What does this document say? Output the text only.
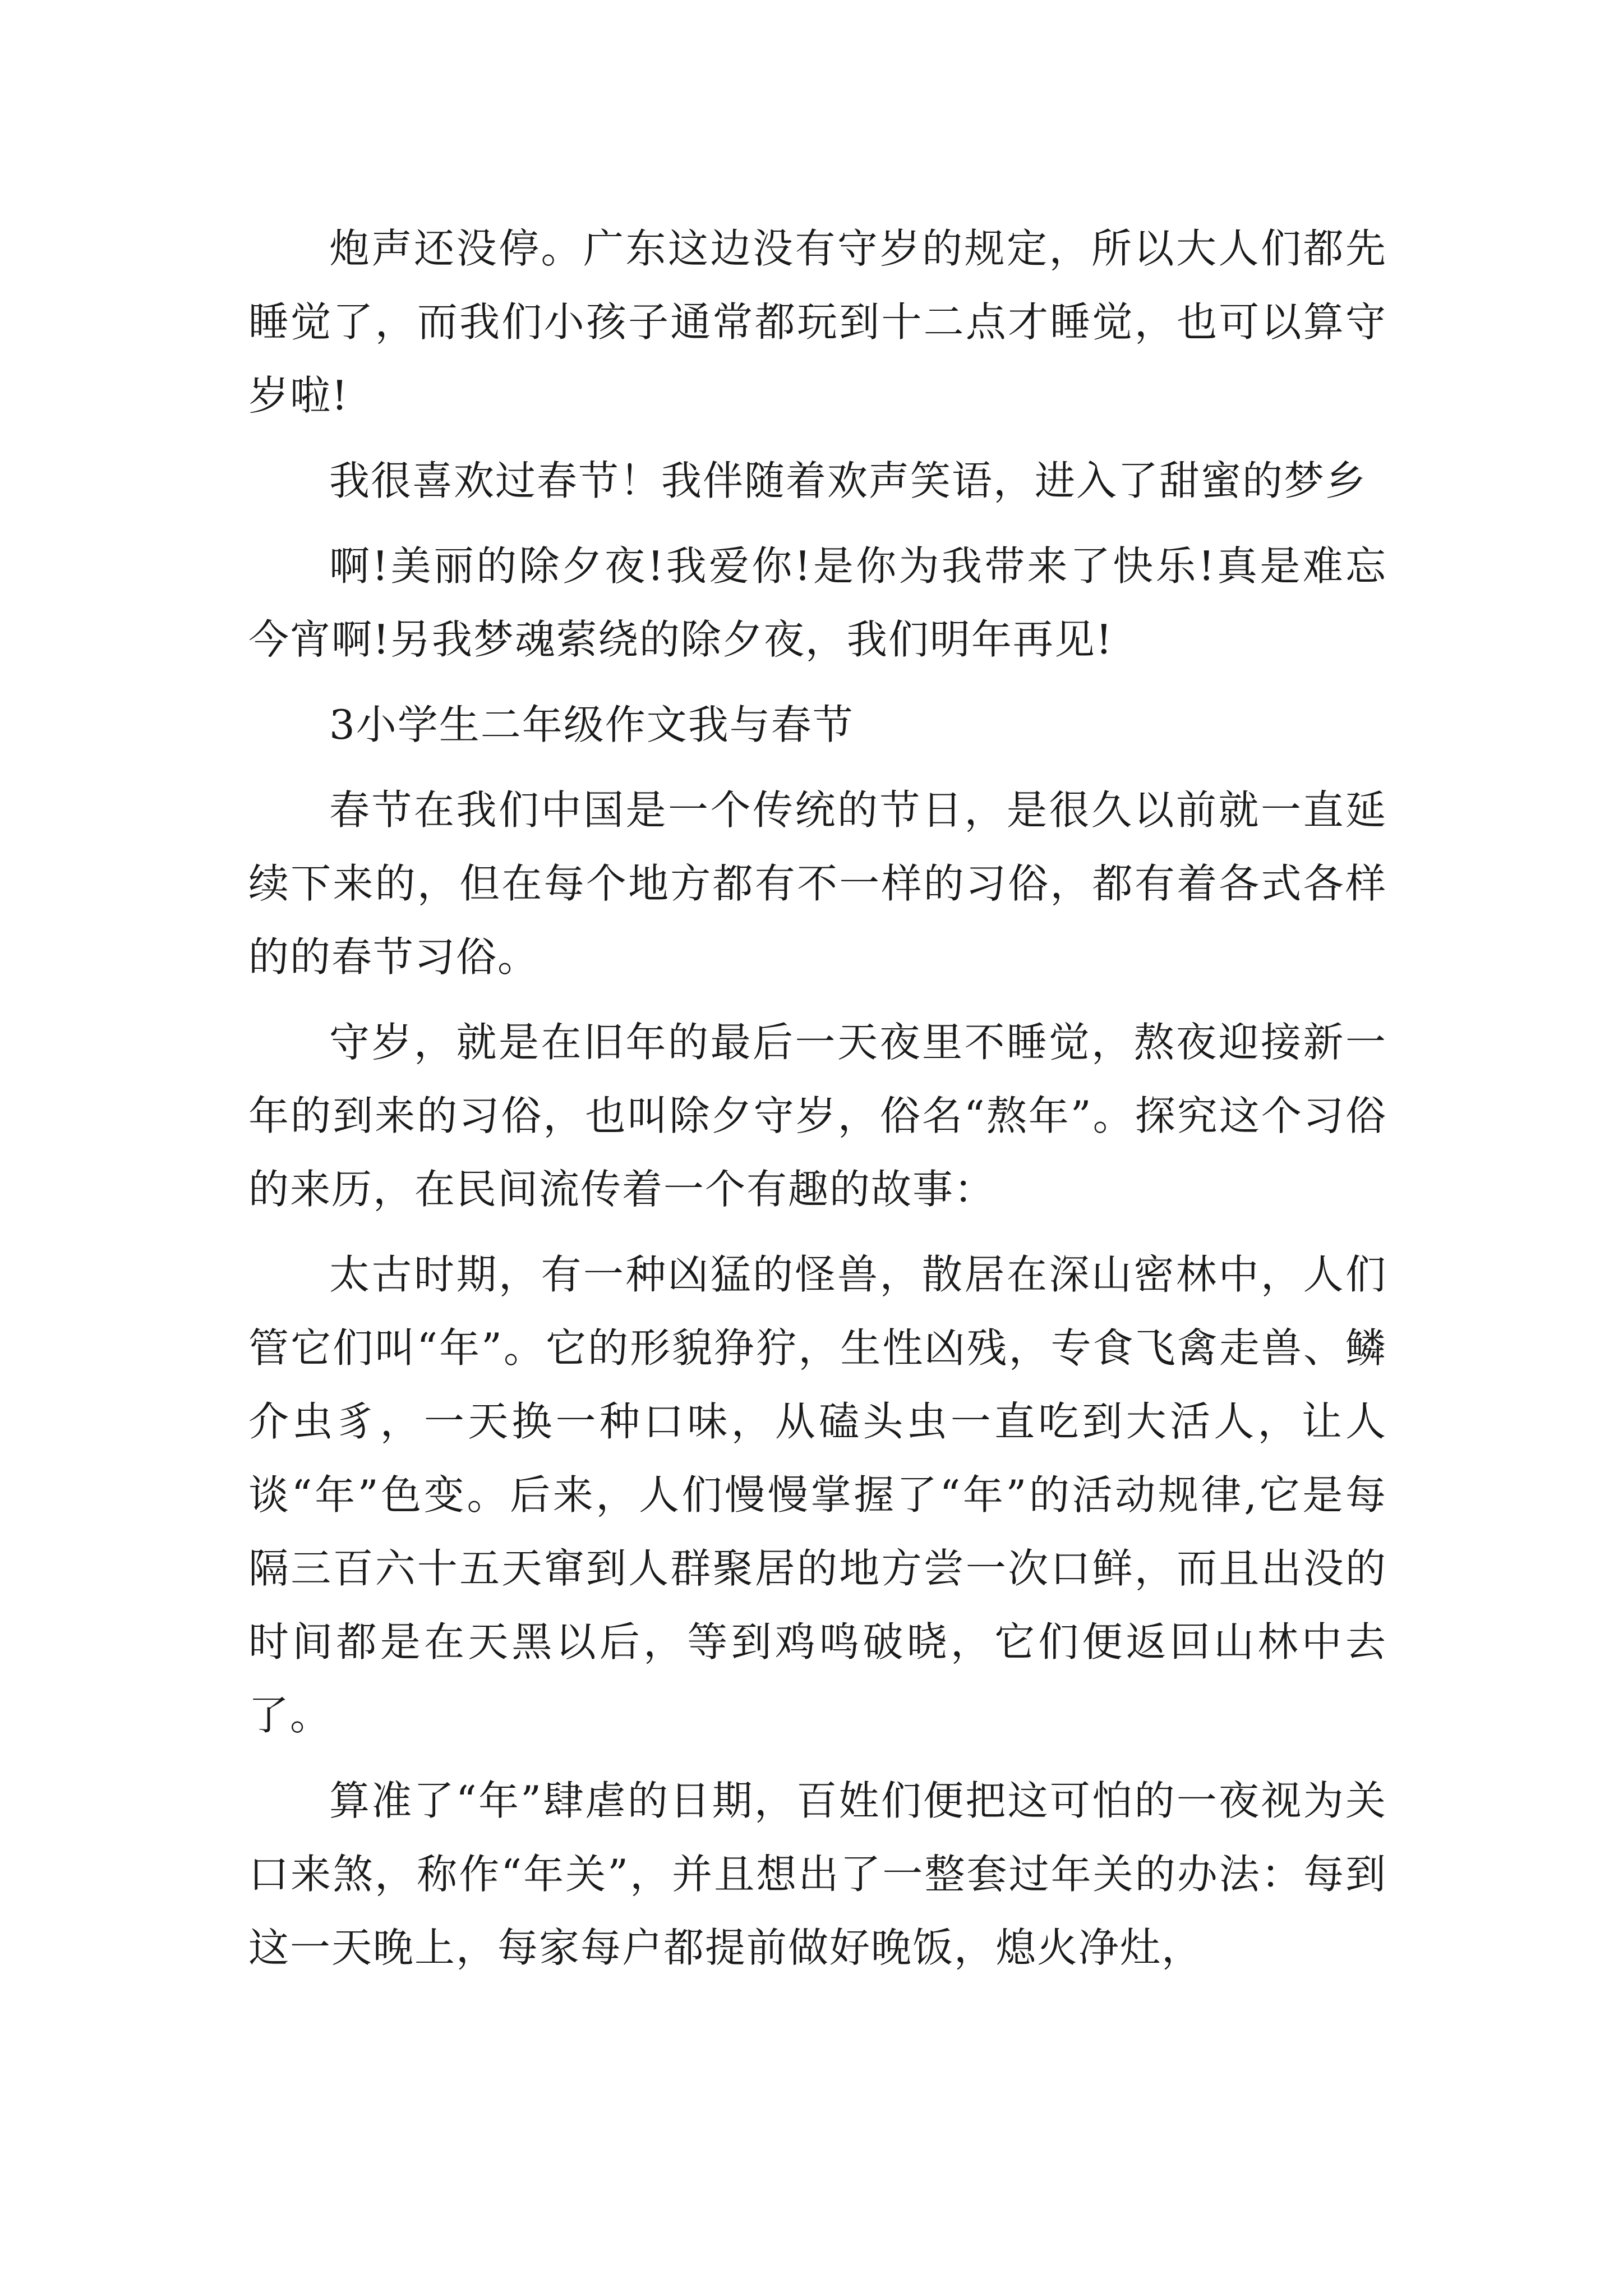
炮声还没停。广东这边没有守岁的规定，所以大人们都先睡觉了，而我们小孩子通常都玩到十二点才睡觉，也可以算守岁啦!

我很喜欢过春节！我伴随着欢声笑语，进入了甜蜜的梦乡

啊!美丽的除夕夜!我爱你!是你为我带来了快乐!真是难忘今宵啊!另我梦魂萦绕的除夕夜，我们明年再见!

3小学生二年级作文我与春节

春节在我们中国是一个传统的节日，是很久以前就一直延续下来的，但在每个地方都有不一样的习俗，都有着各式各样的的春节习俗。

守岁，就是在旧年的最后一天夜里不睡觉，熬夜迎接新一年的到来的习俗，也叫除夕守岁，俗名“熬年”。探究这个习俗的来历，在民间流传着一个有趣的故事：

太古时期，有一种凶猛的怪兽，散居在深山密林中，人们管它们叫“年”。它的形貌狰狞，生性凶残，专食飞禽走兽、鳞介虫豸，一天换一种口味，从磕头虫一直吃到大活人，让人谈“年”色变。后来，人们慢慢掌握了“年”的活动规律,它是每隔三百六十五天窜到人群聚居的地方尝一次口鲜，而且出没的时间都是在天黑以后，等到鸡鸣破晓，它们便返回山林中去了。

算准了“年”肆虐的日期，百姓们便把这可怕的一夜视为关口来煞，称作“年关”，并且想出了一整套过年关的办法：每到这一天晚上，每家每户都提前做好晚饭，熄火净灶，
